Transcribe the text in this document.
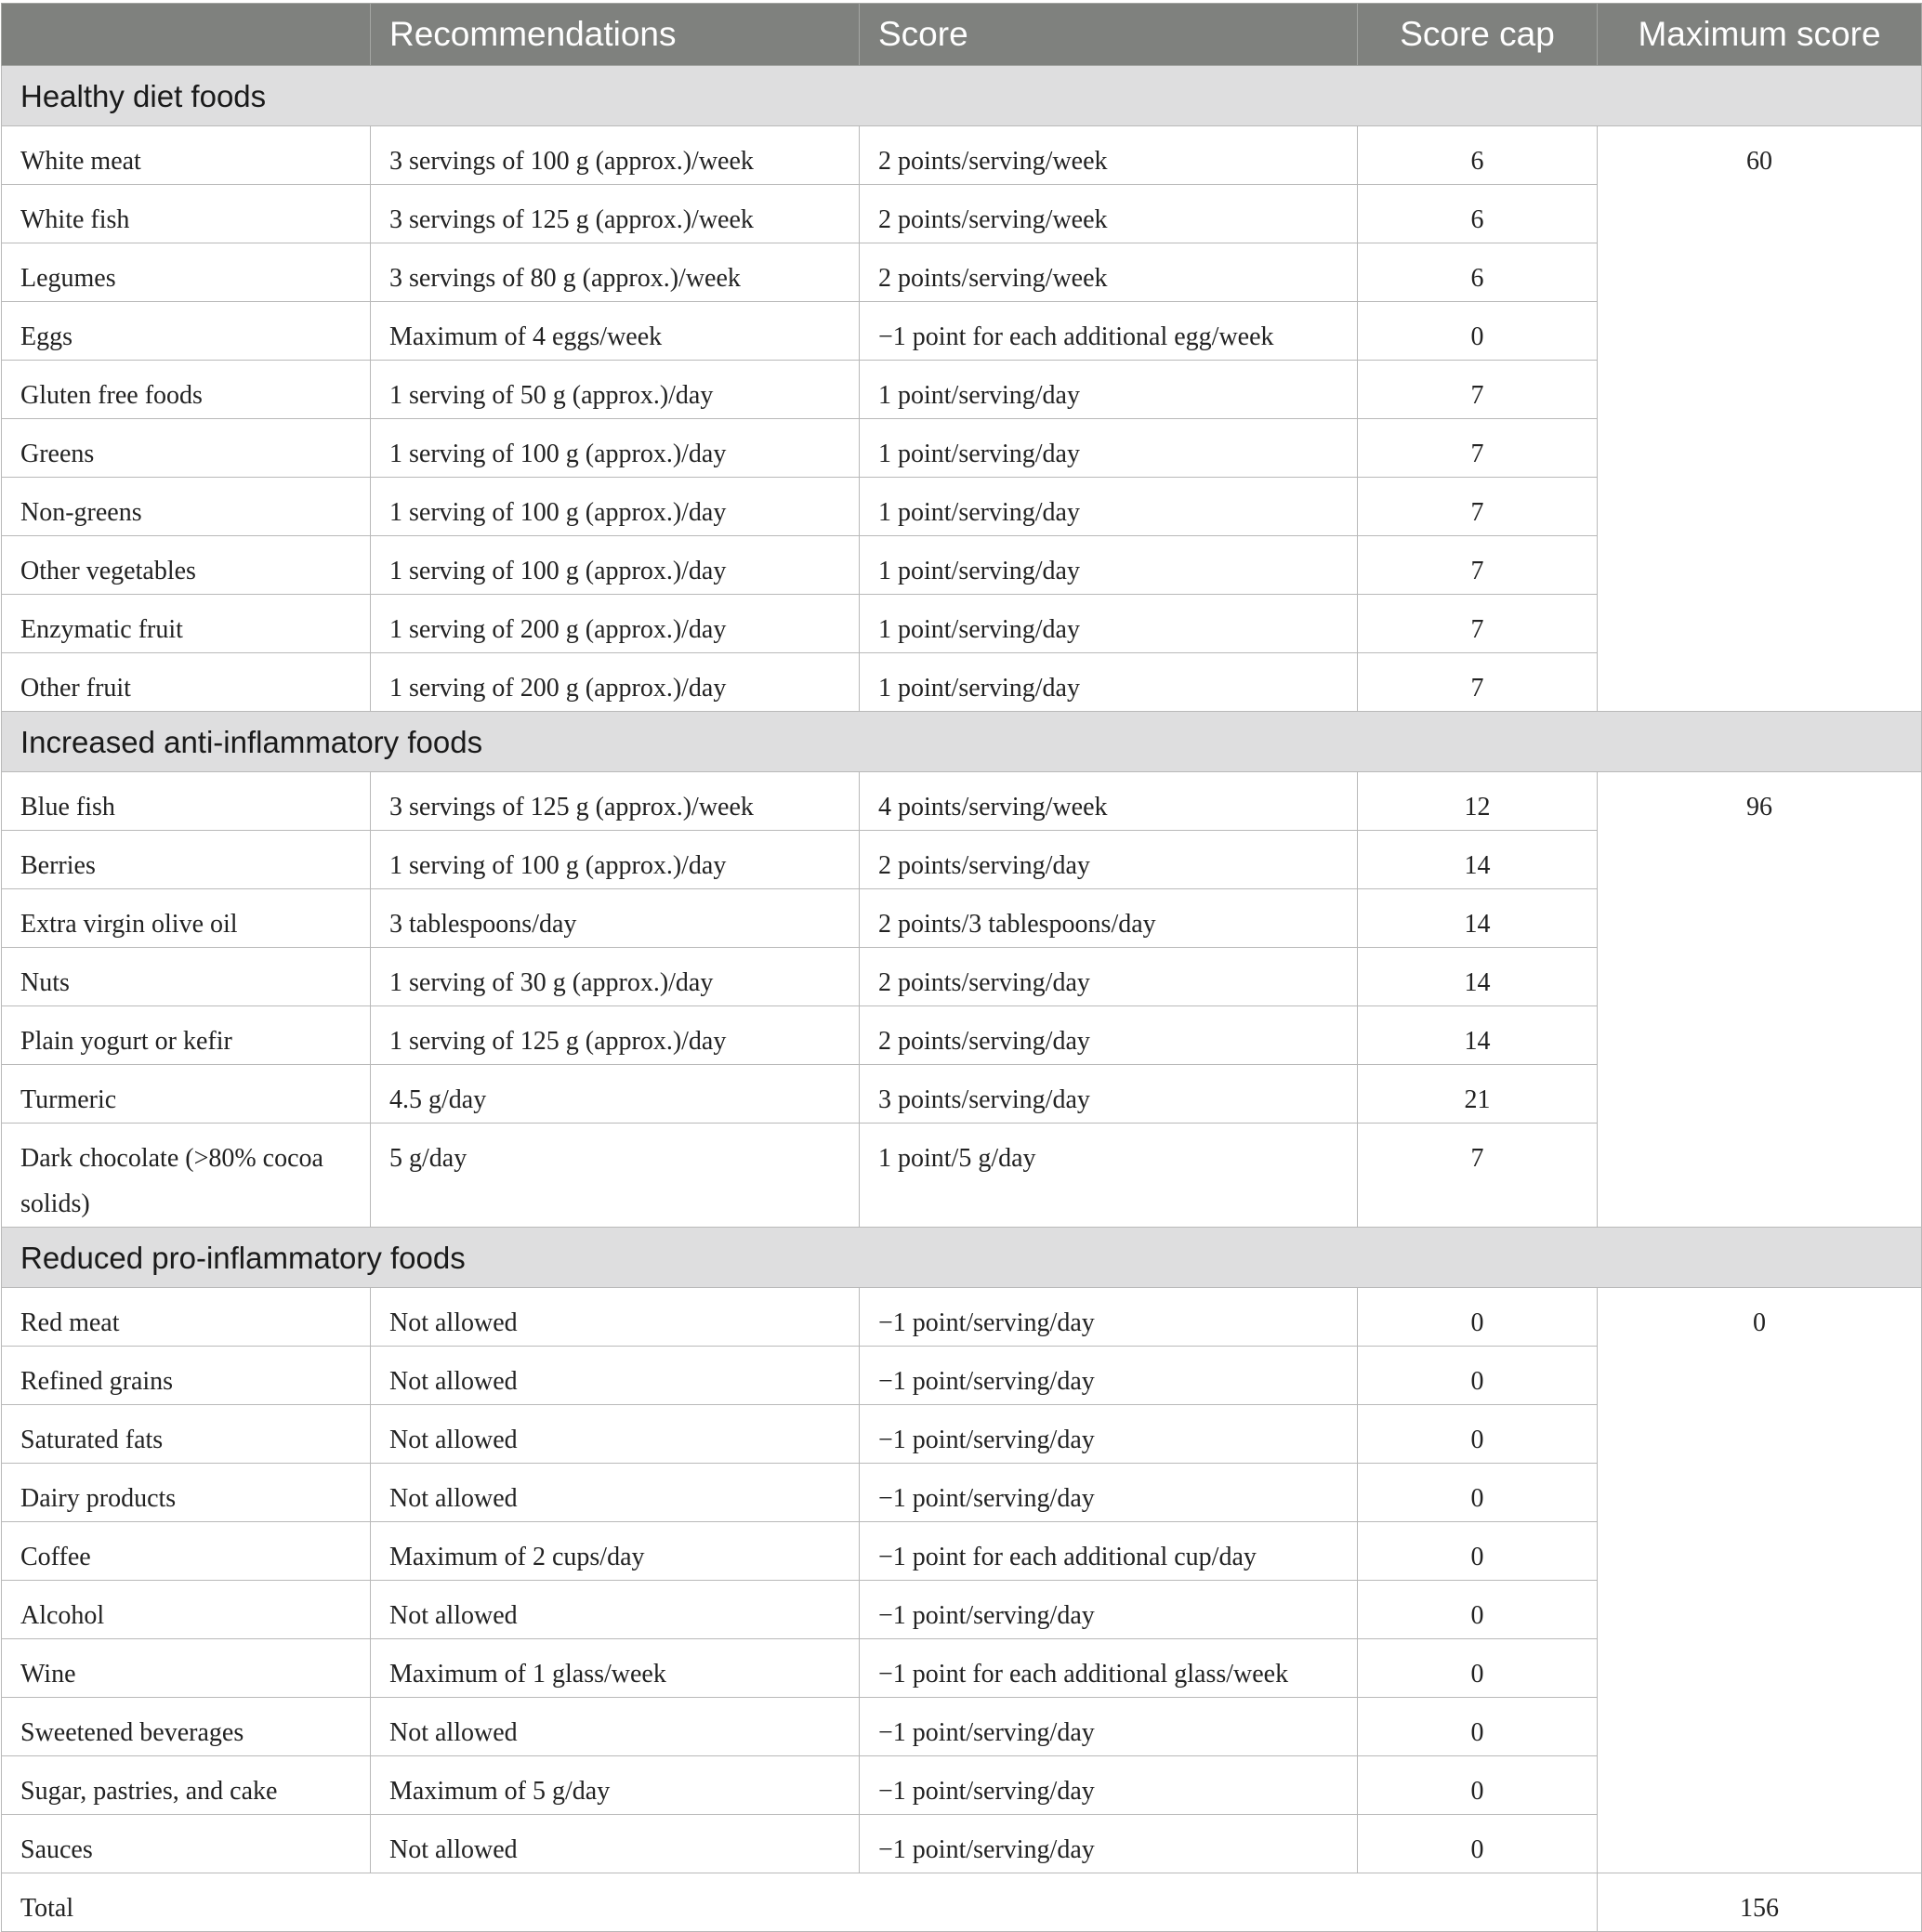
	Recommendations	Score	Score cap	Maximum score
Healthy diet foods				
White meat	3 servings of 100 g (approx.)/week	2 points/serving/week	6	60
White fish	3 servings of 125 g (approx.)/week	2 points/serving/week	6	
Legumes	3 servings of 80 g (approx.)/week	2 points/serving/week	6	
Eggs	Maximum of 4 eggs/week	−1 point for each additional egg/week	0	
Gluten free foods	1 serving of 50 g (approx.)/day	1 point/serving/day	7	
Greens	1 serving of 100 g (approx.)/day	1 point/serving/day	7	
Non-greens	1 serving of 100 g (approx.)/day	1 point/serving/day	7	
Other vegetables	1 serving of 100 g (approx.)/day	1 point/serving/day	7	
Enzymatic fruit	1 serving of 200 g (approx.)/day	1 point/serving/day	7	
Other fruit	1 serving of 200 g (approx.)/day	1 point/serving/day	7	
Increased anti-inflammatory foods				
Blue fish	3 servings of 125 g (approx.)/week	4 points/serving/week	12	96
Berries	1 serving of 100 g (approx.)/day	2 points/serving/day	14	
Extra virgin olive oil	3 tablespoons/day	2 points/3 tablespoons/day	14	
Nuts	1 serving of 30 g (approx.)/day	2 points/serving/day	14	
Plain yogurt or kefir	1 serving of 125 g (approx.)/day	2 points/serving/day	14	
Turmeric	4.5 g/day	3 points/serving/day	21	
Dark chocolate (>80% cocoa solids)	5 g/day	1 point/5 g/day	7	
Reduced pro-inflammatory foods				
Red meat	Not allowed	−1 point/serving/day	0	0
Refined grains	Not allowed	−1 point/serving/day	0	
Saturated fats	Not allowed	−1 point/serving/day	0	
Dairy products	Not allowed	−1 point/serving/day	0	
Coffee	Maximum of 2 cups/day	−1 point for each additional cup/day	0	
Alcohol	Not allowed	−1 point/serving/day	0	
Wine	Maximum of 1 glass/week	−1 point for each additional glass/week	0	
Sweetened beverages	Not allowed	−1 point/serving/day	0	
Sugar, pastries, and cake	Maximum of 5 g/day	−1 point/serving/day	0	
Sauces	Not allowed	−1 point/serving/day	0	
Total				156
